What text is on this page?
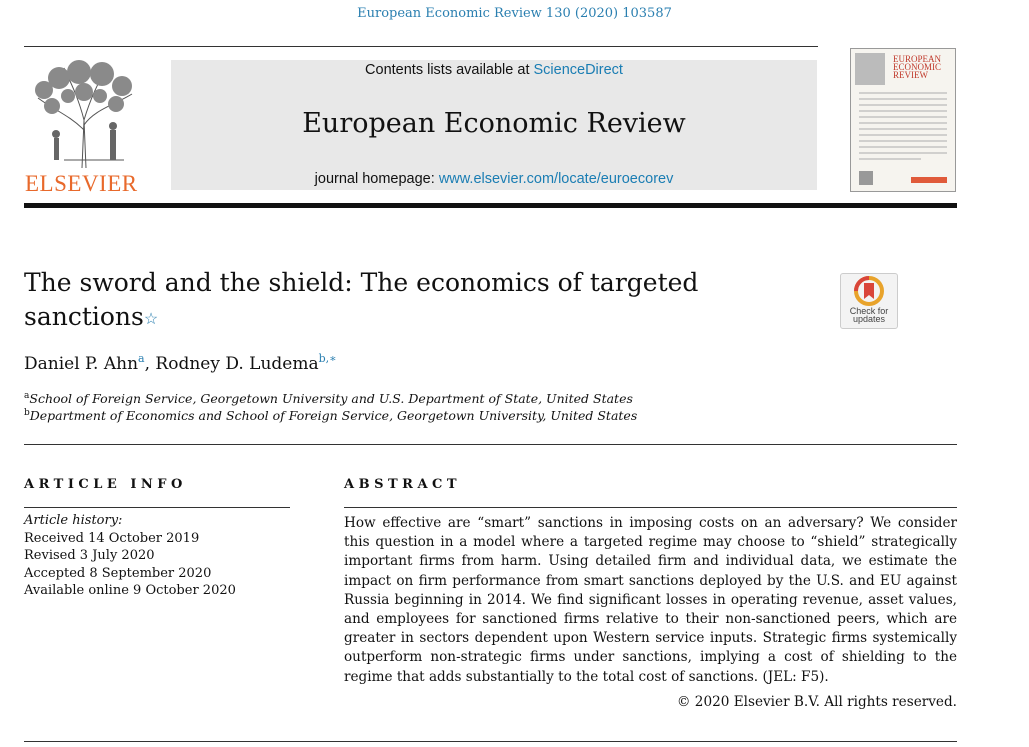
European Economic Review 130 (2020) 103587
ELSEVIER
Contents lists available at ScienceDirect
European Economic Review
journal homepage: www.elsevier.com/locate/euroecorev
EUROPEAN
ECONOMIC
REVIEW
The sword and the shield: The economics of targeted
sanctions☆	Check for
updates
Daniel P. Ahn$^a$, Rodney D. Ludema$^{b,∗}$
$^a$School of Foreign Service, Georgetown University and U.S. Department of State, United States
$^b$Department of Economics and School of Foreign Service, Georgetown University, United States
ARTICLE INFO
Article history:
Received 14 October 2019
Revised 3 July 2020
Accepted 8 September 2020
Available online 9 October 2020
ABSTRACT
How effective are “smart” sanctions in imposing costs on an adversary? We consider this question in a model where a targeted regime may choose to “shield” strategically important firms from harm. Using detailed firm and individual data, we estimate the impact on firm performance from smart sanctions deployed by the U.S. and EU against Russia beginning in 2014. We find significant losses in operating revenue, asset values, and employees for sanctioned firms relative to their non-sanctioned peers, which are greater in sectors dependent upon Western service inputs. Strategic firms systemically outperform non-strategic firms under sanctions, implying a cost of shielding to the regime that adds substantially to the total cost of sanctions. (JEL: F5).
© 2020 Elsevier B.V. All rights reserved.
